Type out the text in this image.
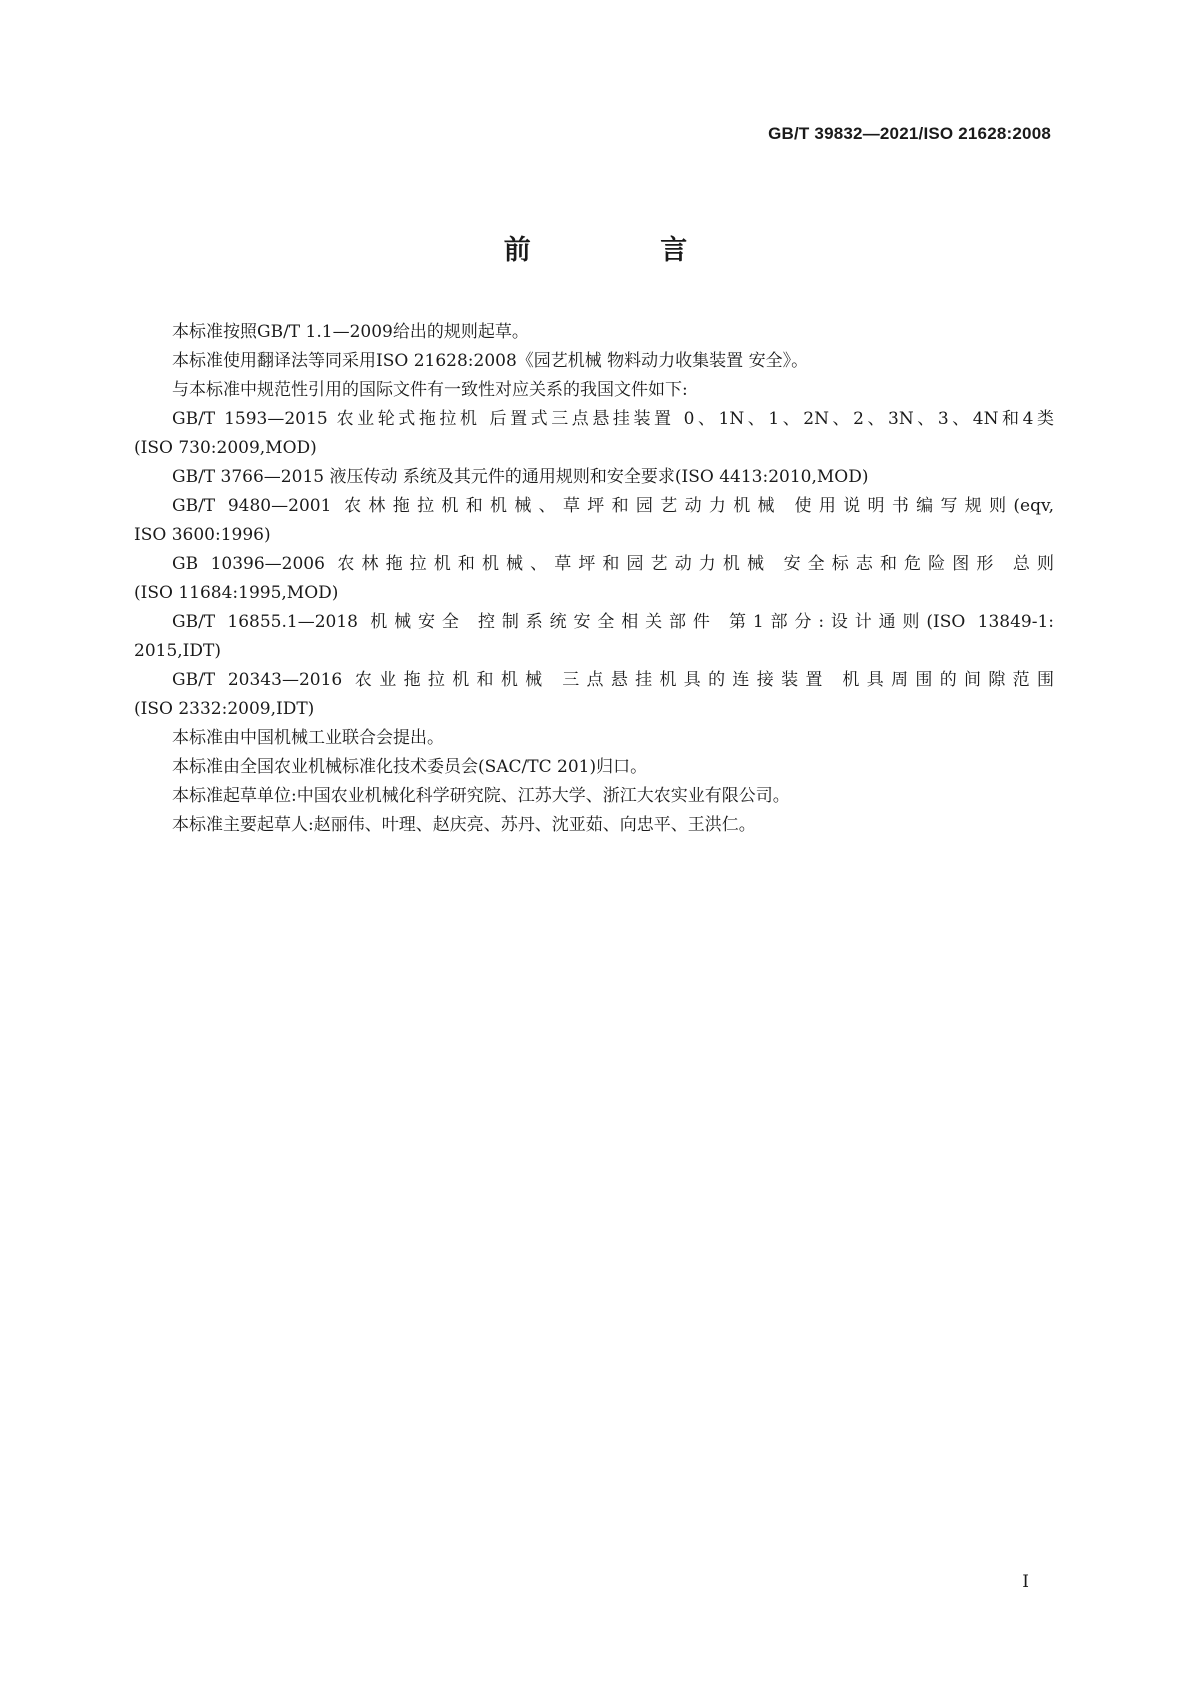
GB/T 39832—2021/ISO 21628:2008
前 言

本标准按照GB/T 1.1—2009给出的规则起草。

本标准使用翻译法等同采用ISO 21628:2008《园艺机械 物料动力收集装置 安全》。

与本标准中规范性引用的国际文件有一致性对应关系的我国文件如下:

GB/T 1593—2015 农业轮式拖拉机 后置式三点悬挂装置 0、1N、1、2N、2、3N、3、4N和4类
(ISO 730:2009,MOD)

GB/T 3766—2015 液压传动 系统及其元件的通用规则和安全要求(ISO 4413:2010,MOD)

GB/T 9480—2001 农林拖拉机和机械、草坪和园艺动力机械 使用说明书编写规则(eqv,
ISO 3600:1996)

GB 10396—2006 农林拖拉机和机械、草坪和园艺动力机械 安全标志和危险图形 总则
(ISO 11684:1995,MOD)

GB/T 16855.1—2018 机械安全 控制系统安全相关部件 第1部分:设计通则(ISO 13849-1:
2015,IDT)

GB/T 20343—2016 农业拖拉机和机械 三点悬挂机具的连接装置 机具周围的间隙范围
(ISO 2332:2009,IDT)

本标准由中国机械工业联合会提出。

本标准由全国农业机械标准化技术委员会(SAC/TC 201)归口。

本标准起草单位:中国农业机械化科学研究院、江苏大学、浙江大农实业有限公司。

本标准主要起草人:赵丽伟、叶理、赵庆亮、苏丹、沈亚茹、向忠平、王洪仁。

I
